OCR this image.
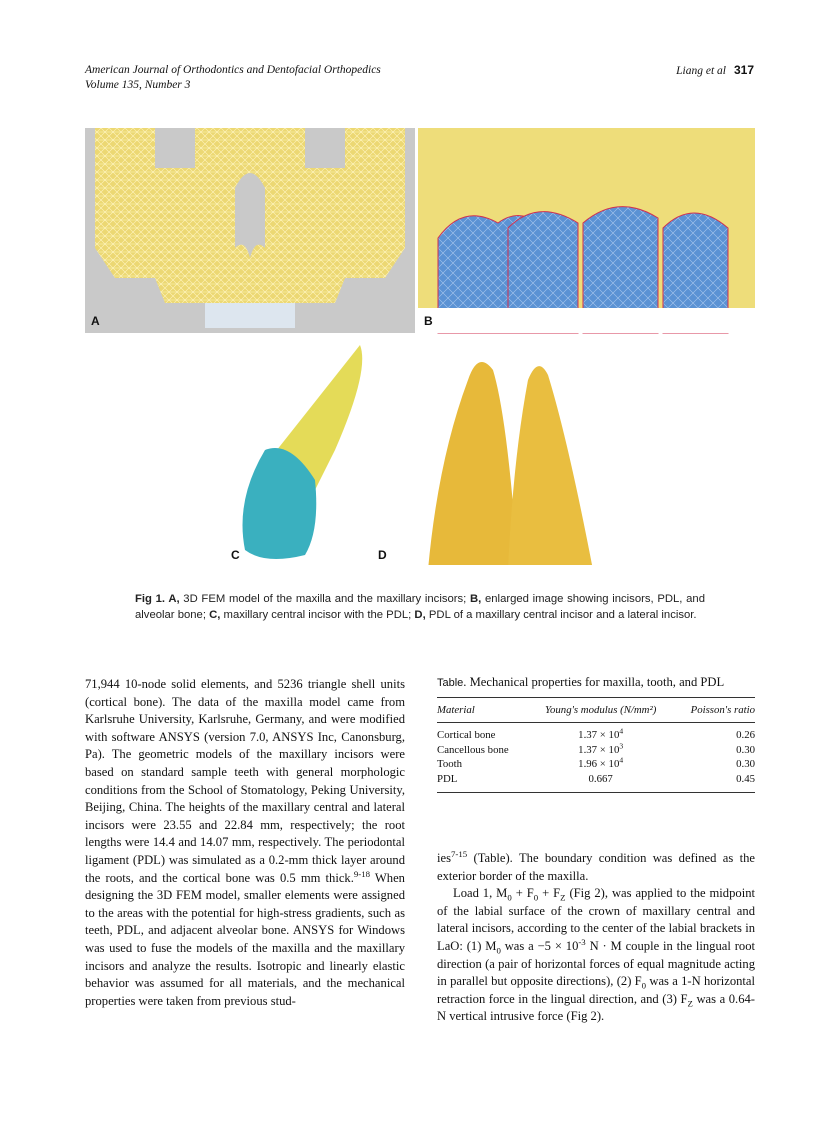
American Journal of Orthodontics and Dentofacial Orthopedics
Volume 135, Number 3
Liang et al 317
A	B
C	D
Fig 1. A, 3D FEM model of the maxilla and the maxillary incisors; B, enlarged image showing incisors, PDL, and alveolar bone; C, maxillary central incisor with the PDL; D, PDL of a maxillary central incisor and a lateral incisor.

71,944 10-node solid elements, and 5236 triangle shell units (cortical bone). The data of the maxilla model came from Karlsruhe University, Karlsruhe, Germany, and were modified with software ANSYS (version 7.0, ANSYS Inc, Canonsburg, Pa). The geometric models of the maxillary incisors were based on standard sample teeth with general morphologic conditions from the School of Stomatology, Peking University, Beijing, China. The heights of the maxillary central and lateral incisors were 23.55 and 22.84 mm, respectively; the root lengths were 14.4 and 14.07 mm, respectively. The periodontal ligament (PDL) was simulated as a 0.2-mm thick layer around the roots, and the cortical bone was 0.5 mm thick.$^{9-18}$ When designing the 3D FEM model, smaller elements were assigned to the areas with the potential for high-stress gradients, such as teeth, PDL, and adjacent alveolar bone. ANSYS for Windows was used to fuse the models of the maxilla and the maxillary incisors and analyze the results. Isotropic and linearly elastic behavior was assumed for all materials, and the mechanical properties were taken from previous stud-

Table. Mechanical properties for maxilla, tooth, and PDL
Material	Young's modulus (N/mm²)	Poisson's ratio
Cortical bone	$1.37 \times 10^4$	0.26
Cancellous bone	$1.37 \times 10^3$	0.30
Tooth	$1.96 \times 10^4$	0.30
PDL	0.667	0.45

ies$^{7-15}$ (Table). The boundary condition was defined as the exterior border of the maxilla.

Load 1, $M_0 + F_0 + F_Z$ (Fig 2), was applied to the midpoint of the labial surface of the crown of maxillary central and lateral incisors, according to the center of the labial brackets in LaO: (1) $M_0$ was $a -5 \times 10^{-3}$ N · M couple in the lingual root direction (a pair of horizontal forces of equal magnitude acting in parallel but opposite directions), (2) $F_0$ was a 1-N horizontal retraction force in the lingual direction, and (3) $F_Z$ was a 0.64-N vertical intrusive force (Fig 2).
